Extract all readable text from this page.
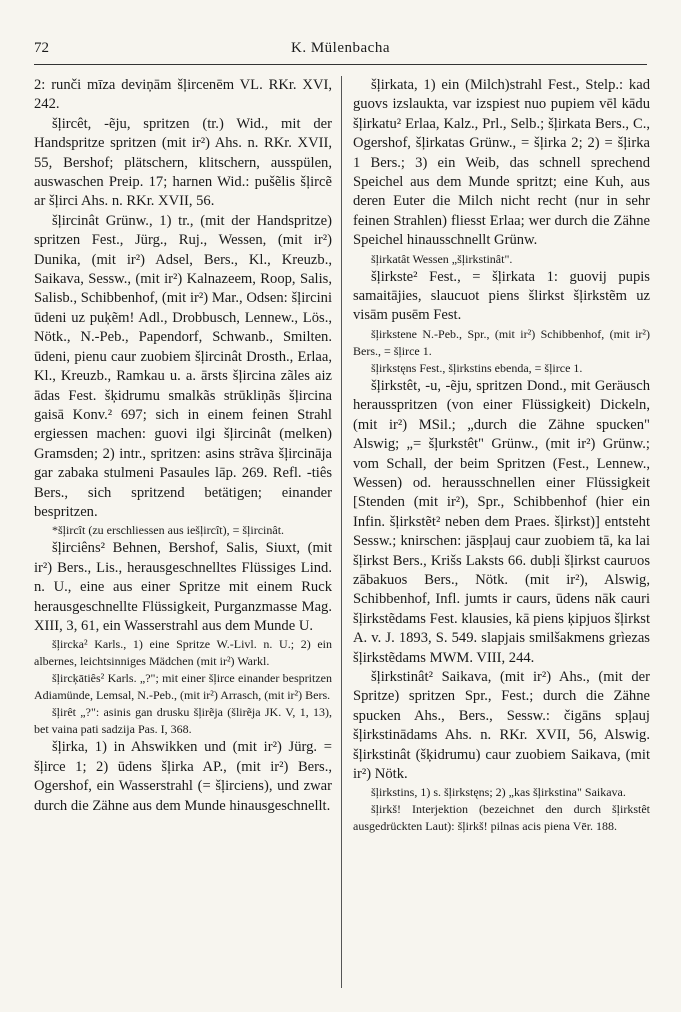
72	K. Mülenbacha

2: runči mīza deviņām šļircenēm VL. RKr. XVI, 242.

šļircêt, -ẽju, spritzen (tr.) Wid., mit der Handspritze spritzen (mit ir²) Ahs. n. RKr. XVII, 55, Bershof; plätschern, klitschern, ausspülen, auswaschen Preip. 17; harnen Wid.: pušẽlis šļircẽ ar šļirci Ahs. n. RKr. XVII, 56.

šļircinât Grünw., 1) tr., (mit der Handspritze) spritzen Fest., Jürg., Ruj., Wessen, (mit ir²) Dunika, (mit ir²) Adsel, Bers., Kl., Kreuzb., Saikava, Sessw., (mit ir²) Kalnazeem, Roop, Salis, Salisb., Schibbenhof, (mit ir²) Mar., Odsen: šļircini ūdeni uz puķẽm! Adl., Drobbusch, Lennew., Lös., Nötk., N.-Peb., Papendorf, Schwanb., Smilten. ūdeni, pienu caur zuobiem šļircinât Drosth., Erlaa, Kl., Kreuzb., Ramkau u. a. ārsts šļircina zãles aiz ādas Fest. šķidrumu smalkãs strūkliņãs šļircina gaisā Konv.² 697; sich in einem feinen Strahl ergiessen machen: guovi ilgi šļircinât (melken) Gramsden; 2) intr., spritzen: asins strãva šļircināja gar zabaka stulmeni Pasaules lāp. 269. Refl. -tiês Bers., sich spritzend betätigen; einander bespritzen.

*šļircît (zu erschliessen aus iešļircît), = šļircinât.

šļirciêns² Behnen, Bershof, Salis, Siuxt, (mit ir²) Bers., Lis., herausgeschnelltes Flüssiges Lind. n. U., eine aus einer Spritze mit einem Ruck herausgeschnellte Flüssigkeit, Purganzmasse Mag. XIII, 3, 61, ein Wasserstrahl aus dem Munde U.

šļircka² Karls., 1) eine Spritze W.-Livl. n. U.; 2) ein albernes, leichtsinniges Mädchen (mit ir²) Warkl.

šļircķātiês² Karls. „?"; mit einer šļirce einander bespritzen Adiamünde, Lemsal, N.-Peb., (mit ir²) Arrasch, (mit ir²) Bers.

šļirêt „?": asinis gan drusku šļirẽja (šlirẽja JK. V, 1, 13), bet vaina pati sadzija Pas. I, 368.

šļirka, 1) in Ahswikken und (mit ir²) Jürg. = šļirce 1; 2) ūdens šļirka AP., (mit ir²) Bers., Ogershof, ein Wasserstrahl (= šļirciens), und zwar durch die Zähne aus dem Munde hinausgeschnellt.

šļirkata, 1) ein (Milch)strahl Fest., Stelp.: kad guovs izslaukta, var izspiest nuo pupiem vēl kādu šļirkatu² Erlaa, Kalz., Prl., Selb.; šļirkata Bers., C., Ogershof, šļirkatas Grünw., = šļirka 2; 2) = šļirka 1 Bers.; 3) ein Weib, das schnell sprechend Speichel aus dem Munde spritzt; eine Kuh, aus deren Euter die Milch nicht recht (nur in sehr feinen Strahlen) fliesst Erlaa; wer durch die Zähne Speichel hinausschnellt Grünw.

šļirkatât Wessen „šļirkstinât".

šļirkste² Fest., = šļirkata 1: guovij pupis samaitājies, slaucuot piens šlirkst šļirkstẽm uz visām pusēm Fest.

šļirkstene N.-Peb., Spr., (mit ir²) Schibbenhof, (mit ir²) Bers., = šļirce 1.

šļirkstęns Fest., šļirkstins ebenda, = šļirce 1.

šļirkstêt, -u, -ẽju, spritzen Dond., mit Geräusch herausspritzen (von einer Flüssigkeit) Dickeln, (mit ir²) MSil.; „durch die Zähne spucken" Alswig; „= šļurkstêt" Grünw., (mit ir²) Grünw.; vom Schall, der beim Spritzen (Fest., Lennew., Wessen) od. herausschnellen einer Flüssigkeit [Stenden (mit ir²), Spr., Schibbenhof (hier ein Infin. šļirkstẽt² neben dem Praes. šļirkst)] entsteht Sessw.; knirschen: jāspļauj caur zuobiem tā, ka lai šļirkst Bers., Krišs Laksts 66. dubļi šļirkst caurᴜos zābakuos Bers., Nötk. (mit ir²), Alswig, Schibbenhof, Infl. jumts ir caurs, ūdens nāk cauri šļirkstẽdams Fest. klausies, kā piens ķipjuos šļirkst A. v. J. 1893, S. 549. slapjais smilšakmens grìezas šļirkstẽdams MWM. VIII, 244.

šļirkstinât² Saikava, (mit ir²) Ahs., (mit der Spritze) spritzen Spr., Fest.; durch die Zähne spucken Ahs., Bers., Sessw.: čigāns spļauj šļirkstinādams Ahs. n. RKr. XVII, 56, Alswig. šļirkstinât (šķidrumu) caur zuobiem Saikava, (mit ir²) Nötk.

šļirkstins, 1) s. šļirkstęns; 2) „kas šļirkstina" Saikava.

šļirkš! Interjektion (bezeichnet den durch šļirkstêt ausgedrückten Laut): šļirkš! pilnas acis piena Vēr. 188.
